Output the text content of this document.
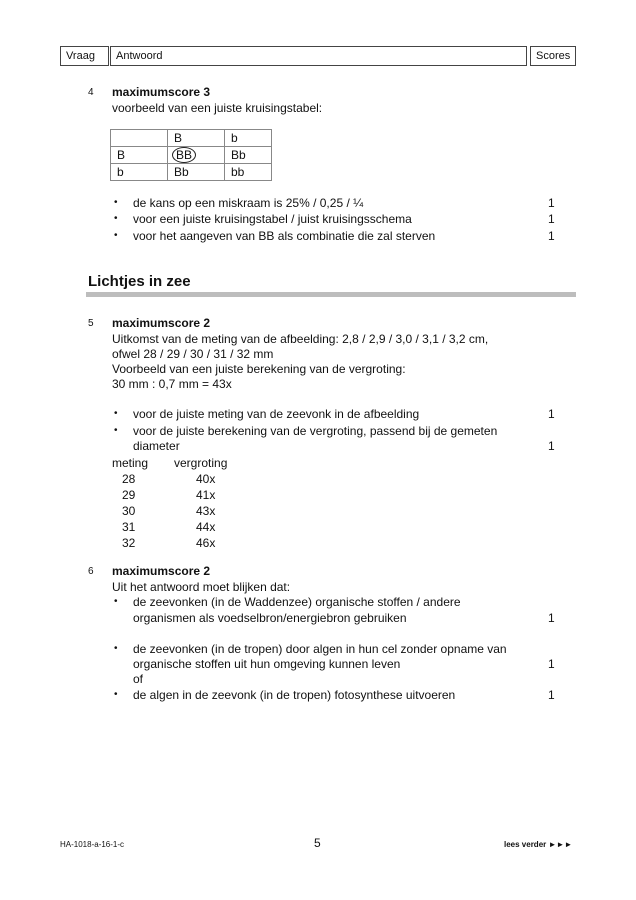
Vraag	Antwoord	Scores
4 maximumscore 3
voorbeeld van een juiste kruisingstabel:
	B	b
B	BB	Bb
b	Bb	bb
• de kans op een miskraam is 25% / 0,25 / ¼	1
• voor een juiste kruisingstabel / juist kruisingsschema	1
• voor het aangeven van BB als combinatie die zal sterven	1
Lichtjes in zee
5 maximumscore 2
Uitkomst van de meting van de afbeelding: 2,8 / 2,9 / 3,0 / 3,1 / 3,2 cm,
ofwel 28 / 29 / 30 / 31 / 32 mm
Voorbeeld van een juiste berekening van de vergroting:
30 mm : 0,7 mm = 43x
• voor de juiste meting van de zeevonk in de afbeelding	1
• voor de juiste berekening van de vergroting, passend bij de gemeten
diameter	1
meting vergroting
28	40x
29	41x
30	43x
31	44x
32	46x
6 maximumscore 2
Uit het antwoord moet blijken dat:
• de zeevonken (in de Waddenzee) organische stoffen / andere
organismen als voedselbron/energiebron gebruiken	1
• de zeevonken (in de tropen) door algen in hun cel zonder opname van
organische stoffen uit hun omgeving kunnen leven	1
of
• de algen in de zeevonk (in de tropen) fotosynthese uitvoeren	1
HA-1018-a-16-1-c	5	lees verder ►►►
